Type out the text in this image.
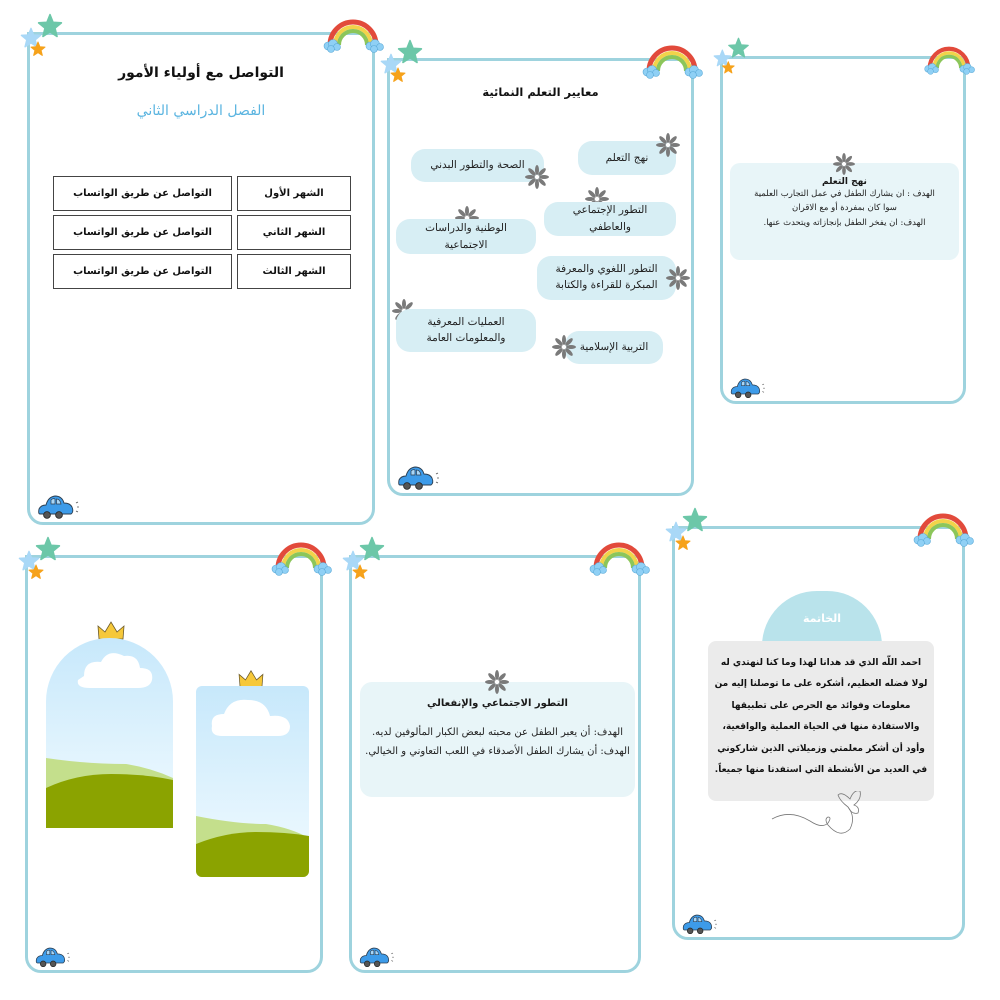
التواصل مع أولياء الأمور
الفصل الدراسي الثاني
الشهر الأول
التواصل عن طريق الواتساب
الشهر الثاني
التواصل عن طريق الواتساب
الشهر الثالث
التواصل عن طريق الواتساب
معايير التعلم النمائية
نهج التعلم
الصحة والتطور البدني
التطور الإجتماعي والعاطفي
الوطنية والدراسات الاجتماعية
التطور اللغوي والمعرفة
المبكرة للقراءة والكتابة
العمليات المعرفية
والمعلومات العامة
التربية الإسلامية
نهج التعلم
الهدف : ان يشارك الطفل في عمل التجارب العلمية
سوا كان بمفردة أو مع الاقران
الهدف: ان يفخر الطفل بإنجازاته ويتحدث عنها.
التطور الاجتماعي والإنفعالي
الهدف: أن يعبر الطفل عن محبته لبعض الكبار المألوفين لديه.
الهدف: أن يشارك الطفل الأصدقاء في اللعب التعاوني و الخيالي.
الخاتمة
احمد اللّه الذي قد هدانا لهذا وما كنا لنهتدي له
لولا فضله العظيم، أشكره على ما توصلنا إليه من
معلومات وفوائد مع الحرص على تطبيقها
والاستفادة منها في الحياة العملية والواقعية،
وأود أن أشكر معلمتي وزميلاتي الذين شاركوني
في العديد من الأنشطة التي استفدنا منها جميعاً.
